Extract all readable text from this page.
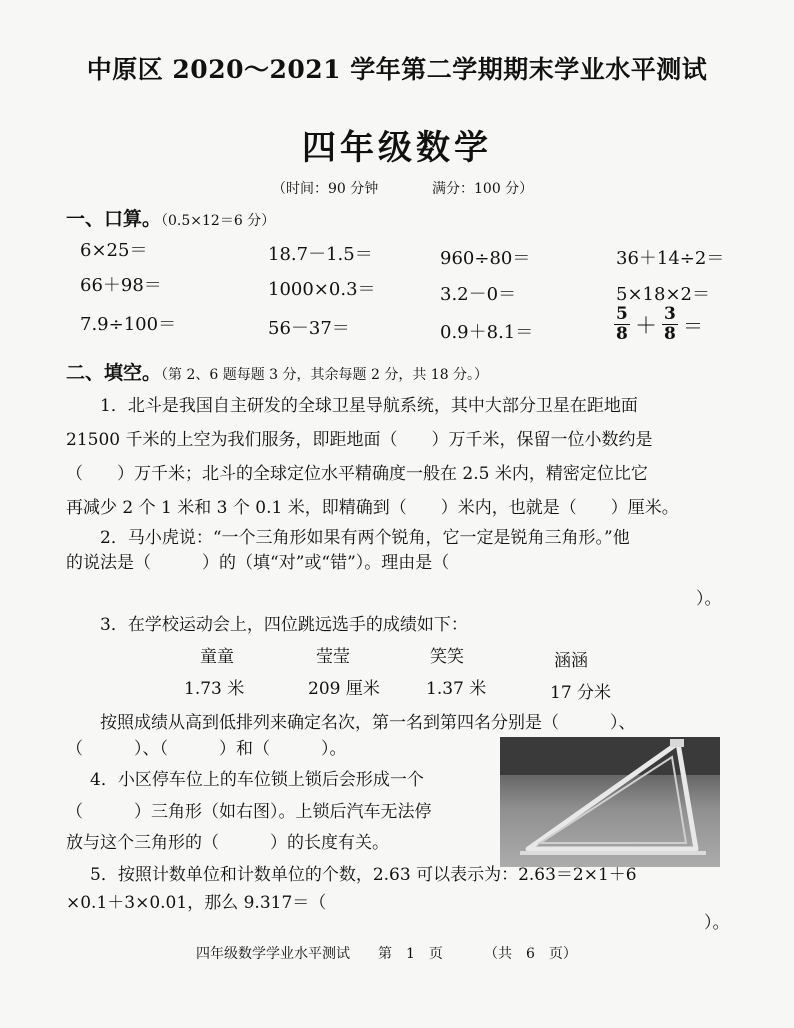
中原区 2020～2021 学年第二学期期末学业水平测试
四年级数学
（时间：90 分钟	满分：100 分）
一、口算。（0.5×12＝6 分）
6×25＝	18.7－1.5＝	960÷80＝	36＋14÷2＝
66＋98＝	1000×0.3＝	3.2－0＝	5×18×2＝
7.9÷100＝	56－37＝	0.9＋8.1＝	$\frac{5}{8} + \frac{3}{8}$ ＝
二、填空。（第 2、6 题每题 3 分，其余每题 2 分，共 18 分。）
1．北斗是我国自主研发的全球卫星导航系统，其中大部分卫星在距地面
21500 千米的上空为我们服务，即距地面（　　）万千米，保留一位小数约是
（　　）万千米；北斗的全球定位水平精确度一般在 2.5 米内，精密定位比它
再减少 2 个 1 米和 3 个 0.1 米，即精确到（　　）米内，也就是（　　）厘米。
2．马小虎说：“一个三角形如果有两个锐角，它一定是锐角三角形。”他
的说法是（　　　）的（填“对”或“错”）。理由是（
）。
3．在学校运动会上，四位跳远选手的成绩如下：
童童	莹莹	笑笑	涵涵
1.73 米	209 厘米	1.37 米	17 分米
按照成绩从高到低排列来确定名次，第一名到第四名分别是（　　　）、
（　　　）、（　　　）和（　　　）。
4．小区停车位上的车位锁上锁后会形成一个
（　　　）三角形（如右图）。上锁后汽车无法停
放与这个三角形的（　　　）的长度有关。
5．按照计数单位和计数单位的个数，2.63 可以表示为：2.63＝2×1＋6
×0.1＋3×0.01，那么 9.317＝（
）。
四年级数学学业水平测试 第　1　页	（共　6　页）
